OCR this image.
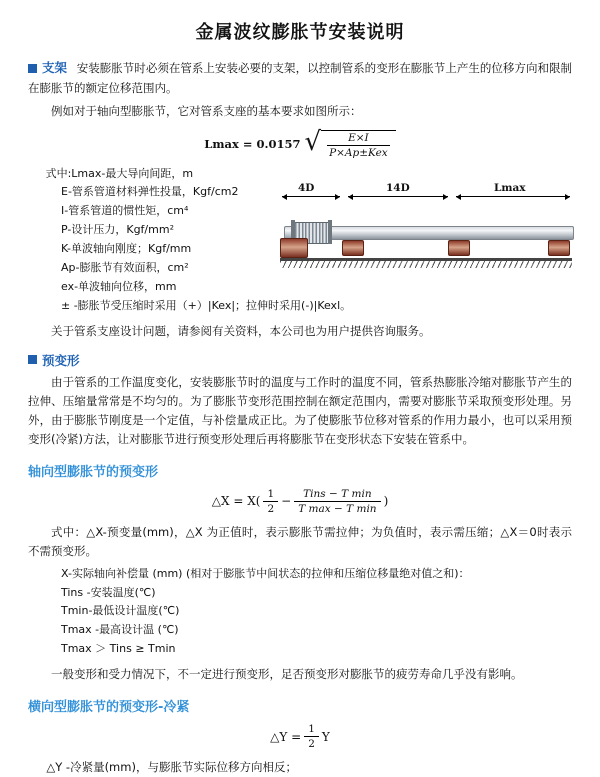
金属波纹膨胀节安装说明

支架 安装膨胀节时必须在管系上安装必要的支架，以控制管系的变形在膨胀节上产生的位移方向和限制在膨胀节的额定位移范围内。

例如对于轴向型膨胀节，它对管系支座的基本要求如图所示：

Lmax = 0.0157 √ $\frac{E\times I}{\text{P×Ap±Kex}}$
式中:Lmax-最大导向间距，m
E-管系管道材料弹性投量，Kgf/cm2
I-管系管道的惯性矩，cm⁴
P-设计压力，Kgf/mm²
K-单波轴向刚度；Kgf/mm
Ap-膨胀节有效面积，cm²
ex-单波轴向位移，mm
± -膨胀节受压缩时采用（+）|Kex|；拉伸时采用(-)|Kexl。

关于管系支座设计问题，请参阅有关资料，本公司也为用户提供咨询服务。

4D	14D	Lmax
预变形

由于管系的工作温度变化，安装膨胀节时的温度与工作时的温度不同，管系热膨胀冷缩对膨胀节产生的拉伸、压缩量常常是不均匀的。为了膨胀节变形范围控制在额定范围内，需要对膨胀节采取预变形处理。另外，由于膨胀节刚度是一个定值，与补偿量成正比。为了使膨胀节位移对管系的作用力最小，也可以采用预变形(冷紧)方法，让对膨胀节进行预变形处理后再将膨胀节在变形状态下安装在管系中。

轴向型膨胀节的预变形
△X = $X( \frac{1}{2} - \frac{\text{Tins − T min}}{\text{T max − T min}}$ )

式中：△X-预变量(mm)，△X 为正值时，表示膨胀节需拉伸；为负值时，表示需压缩；△X＝0时表示不需预变形。

X-实际轴向补偿量 (mm) (相对于膨胀节中间状态的拉伸和压缩位移量绝对值之和)：
Tins -安装温度(℃)
Tmin-最低设计温度(℃)
Tmax -最高设计温 (℃)
Tmax ＞ Tins ≥ Tmin

一般变形和受力情况下，不一定进行预变形，足否预变形对膨胀节的疲劳寿命几乎没有影响。

横向型膨胀节的预变形-冷紧
△Y = $\frac{1}{2}$ Y

△Y -冷紧量(mm)，与膨胀节实际位移方向相反；
